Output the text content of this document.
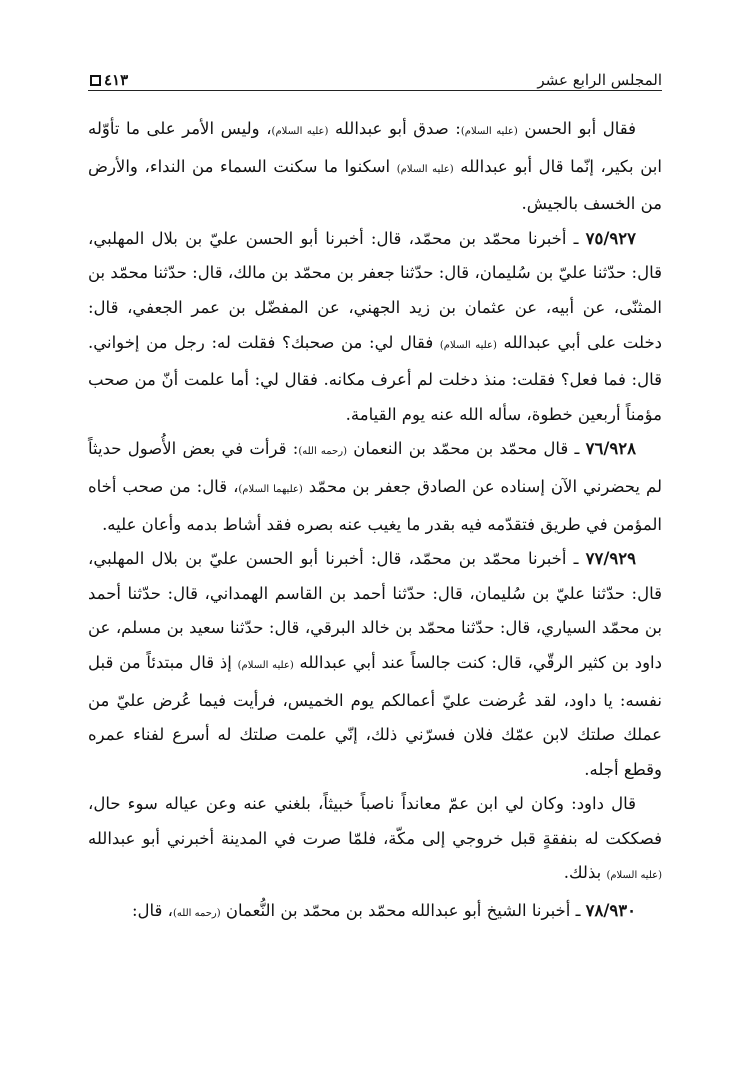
المجلس الرابع عشر
٤١٣

فقال أبو الحسن (عليه السلام): صدق أبو عبدالله (عليه السلام)، وليس الأمر على ما تأوّله ابن بكير، إنّما قال أبو عبدالله (عليه السلام) اسكنوا ما سكنت السماء من النداء، والأرض من الخسف بالجيش.

٧٥/٩٢٧ ـ أخبرنا محمّد بن محمّد، قال: أخبرنا أبو الحسن عليّ بن بلال المهلبي، قال: حدّثنا عليّ بن سُليمان، قال: حدّثنا جعفر بن محمّد بن مالك، قال: حدّثنا محمّد بن المثنّى، عن أبيه، عن عثمان بن زيد الجهني، عن المفضّل بن عمر الجعفي، قال: دخلت على أبي عبدالله (عليه السلام) فقال لي: من صحبك؟ فقلت له: رجل من إخواني. قال: فما فعل؟ فقلت: منذ دخلت لم أعرف مكانه. فقال لي: أما علمت أنّ من صحب مؤمناً أربعين خطوة، سأله الله عنه يوم القيامة.

٧٦/٩٢٨ ـ قال محمّد بن محمّد بن النعمان (رحمه الله): قرأت في بعض الأُصول حديثاً لم يحضرني الآن إسناده عن الصادق جعفر بن محمّد (عليهما السلام)، قال: من صحب أخاه المؤمن في طريق فتقدّمه فيه بقدر ما يغيب عنه بصره فقد أشاط بدمه وأعان عليه.

٧٧/٩٢٩ ـ أخبرنا محمّد بن محمّد، قال: أخبرنا أبو الحسن عليّ بن بلال المهلبي، قال: حدّثنا عليّ بن سُليمان، قال: حدّثنا أحمد بن القاسم الهمداني، قال: حدّثنا أحمد بن محمّد السياري، قال: حدّثنا محمّد بن خالد البرقي، قال: حدّثنا سعيد بن مسلم، عن داود بن كثير الرقّي، قال: كنت جالساً عند أبي عبدالله (عليه السلام) إذ قال مبتدئاً من قبل نفسه: يا داود، لقد عُرضت عليّ أعمالكم يوم الخميس، فرأيت فيما عُرض عليّ من عملك صلتك لابن عمّك فلان فسرّني ذلك، إنّي علمت صلتك له أسرع لفناء عمره وقطع أجله.

قال داود: وكان لي ابن عمّ معانداً ناصباً خبيثاً، بلغني عنه وعن عياله سوء حال، فصككت له بنفقةٍ قبل خروجي إلى مكّة، فلمّا صرت في المدينة أخبرني أبو عبدالله (عليه السلام) بذلك.

٧٨/٩٣٠ ـ أخبرنا الشيخ أبو عبدالله محمّد بن محمّد بن النُّعمان (رحمه الله)، قال:
